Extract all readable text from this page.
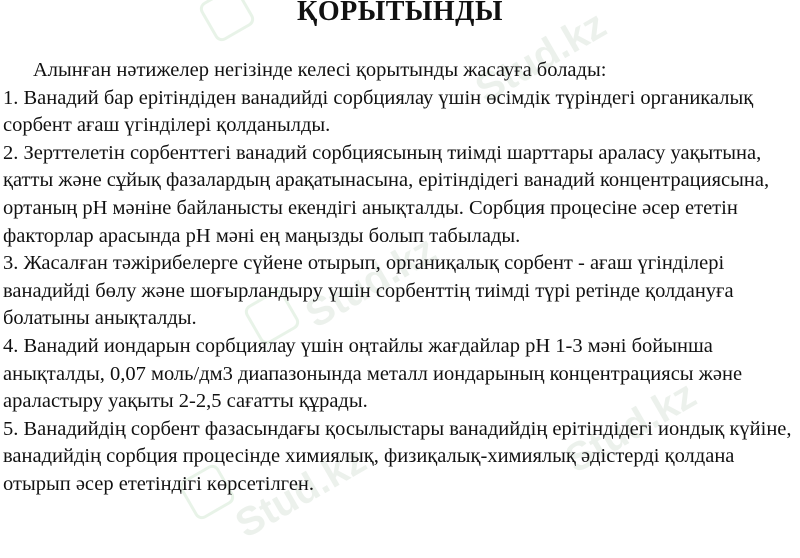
Stud.kz
Stud.kz
Stud.kz
Stud.kz
ҚОРЫТЫНДЫ

Алынған нәтижелер негізінде келесі қорытынды жасауға болады:

1. Ванадий бар ерітіндіден ванадийді сорбциялау үшін өсімдік түріндегі органикалық сорбент ағаш үгінділері қолданылды.

2. Зерттелетін сорбенттегі ванадий сорбциясының тиімді шарттары араласу уақытына, қатты және сұйық фазалардың арақатынасына, ерітіндідегі ванадий концентрациясына, ортаның рН мәніне байланысты екендігі анықталды. Сорбция процесіне әсер ететін факторлар арасында рН мәні ең маңызды болып табылады.

3. Жасалған тәжірибелерге сүйене отырып, органиқалық сорбент - ағаш үгінділері ванадийді бөлу және шоғырландыру үшін сорбенттің тиімді түрі ретінде қолдануға болатыны анықталды.

4. Ванадий иондарын сорбциялау үшін оңтайлы жағдайлар рН 1-3 мәні бойынша анықталды, 0,07 моль/дм3 диапазонында металл иондарының концентрациясы және араластыру уақыты 2-2,5 сағатты құрады.

5. Ванадийдің сорбент фазасындағы қосылыстары ванадийдің ерітіндідегі иондық күйіне, ванадийдің сорбция процесінде химиялық, физиқалық-химиялық әдістерді қолдана отырып әсер ететіндігі көрсетілген.
